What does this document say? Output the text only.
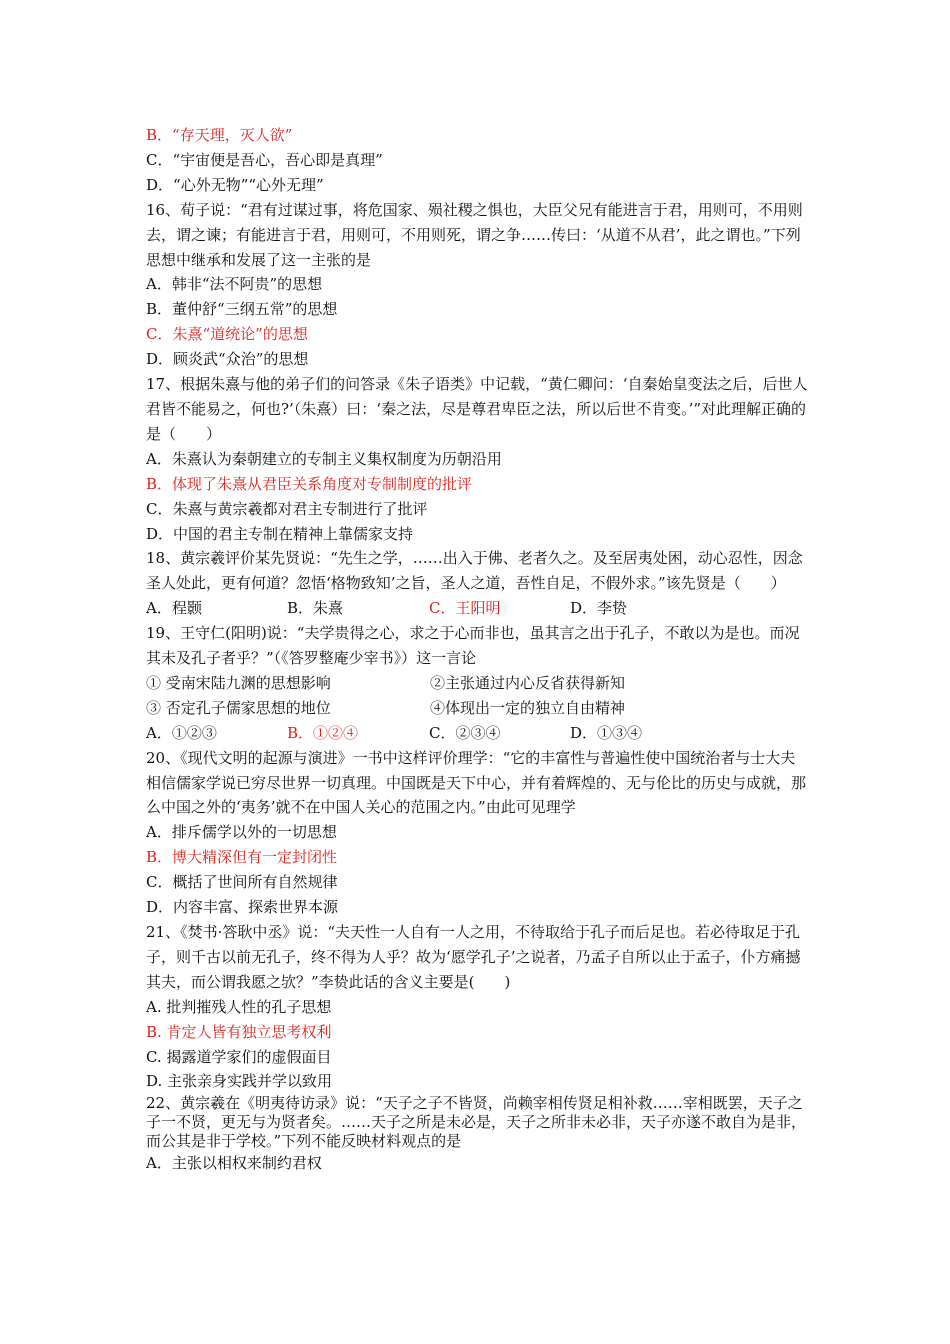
B．“存天理，灭人欲”
C．“宇宙便是吾心，吾心即是真理”
D．“心外无物”“心外无理”
16、荀子说：“君有过谋过事，将危国家、殒社稷之惧也，大臣父兄有能进言于君，用则可，不用则去，谓之谏；有能进言于君，用则可，不用则死，谓之争……传曰：‘从道不从君’，此之谓也。”下列思想中继承和发展了这一主张的是
A．韩非“法不阿贵”的思想
B．董仲舒“三纲五常”的思想
C．朱熹“道统论”的思想
D．顾炎武“众治”的思想
17、根据朱熹与他的弟子们的问答录《朱子语类》中记载，“黄仁卿问：‘自秦始皇变法之后，后世人君皆不能易之，何也?’（朱熹）曰：‘秦之法，尽是尊君卑臣之法，所以后世不肯变。’”对此理解正确的是（　　）
A．朱熹认为秦朝建立的专制主义集权制度为历朝沿用
B．体现了朱熹从君臣关系角度对专制制度的批评
C．朱熹与黄宗羲都对君主专制进行了批评
D．中国的君主专制在精神上靠儒家支持
18、黄宗羲评价某先贤说：“先生之学，……出入于佛、老者久之。及至居夷处困，动心忍性，因念圣人处此，更有何道？忽悟‘格物致知’之旨，圣人之道，吾性自足，不假外求。”该先贤是（　　）
A．程颢	B．朱熹	C．王阳明	D．李贽
19、王守仁(阳明)说：“夫学贵得之心，求之于心而非也，虽其言之出于孔子，不敢以为是也。而况其未及孔子者乎？”（《答罗整庵少宰书》）这一言论
① 受南宋陆九渊的思想影响	②主张通过内心反省获得新知
③ 否定孔子儒家思想的地位	④体现出一定的独立自由精神
A．①②③	B．①②④	C．②③④	D．①③④
20、《现代文明的起源与演进》一书中这样评价理学：“它的丰富性与普遍性使中国统治者与士大夫相信儒家学说已穷尽世界一切真理。中国既是天下中心，并有着辉煌的、无与伦比的历史与成就，那么中国之外的‘夷务’就不在中国人关心的范围之内。”由此可见理学
A．排斥儒学以外的一切思想
B．博大精深但有一定封闭性
C．概括了世间所有自然规律
D．内容丰富、探索世界本源
21、《焚书·答耿中丞》说：“夫天性一人自有一人之用，不待取给于孔子而后足也。若必待取足于孔子，则千古以前无孔子，终不得为人乎？故为‘愿学孔子’之说者，乃孟子自所以止于孟子，仆方痛撼其夫，而公谓我愿之欤？”李贽此话的含义主要是(　　)
A. 批判摧残人性的孔子思想
B. 肯定人皆有独立思考权利
C. 揭露道学家们的虚假面目
D. 主张亲身实践并学以致用
22、黄宗羲在《明夷待访录》说：“天子之子不皆贤，尚赖宰相传贤足相补救……宰相既罢，天子之子一不贤，更无与为贤者矣。……天子之所是未必是，天子之所非未必非，天子亦遂不敢自为是非，而公其是非于学校。”下列不能反映材料观点的是
A．主张以相权来制约君权
